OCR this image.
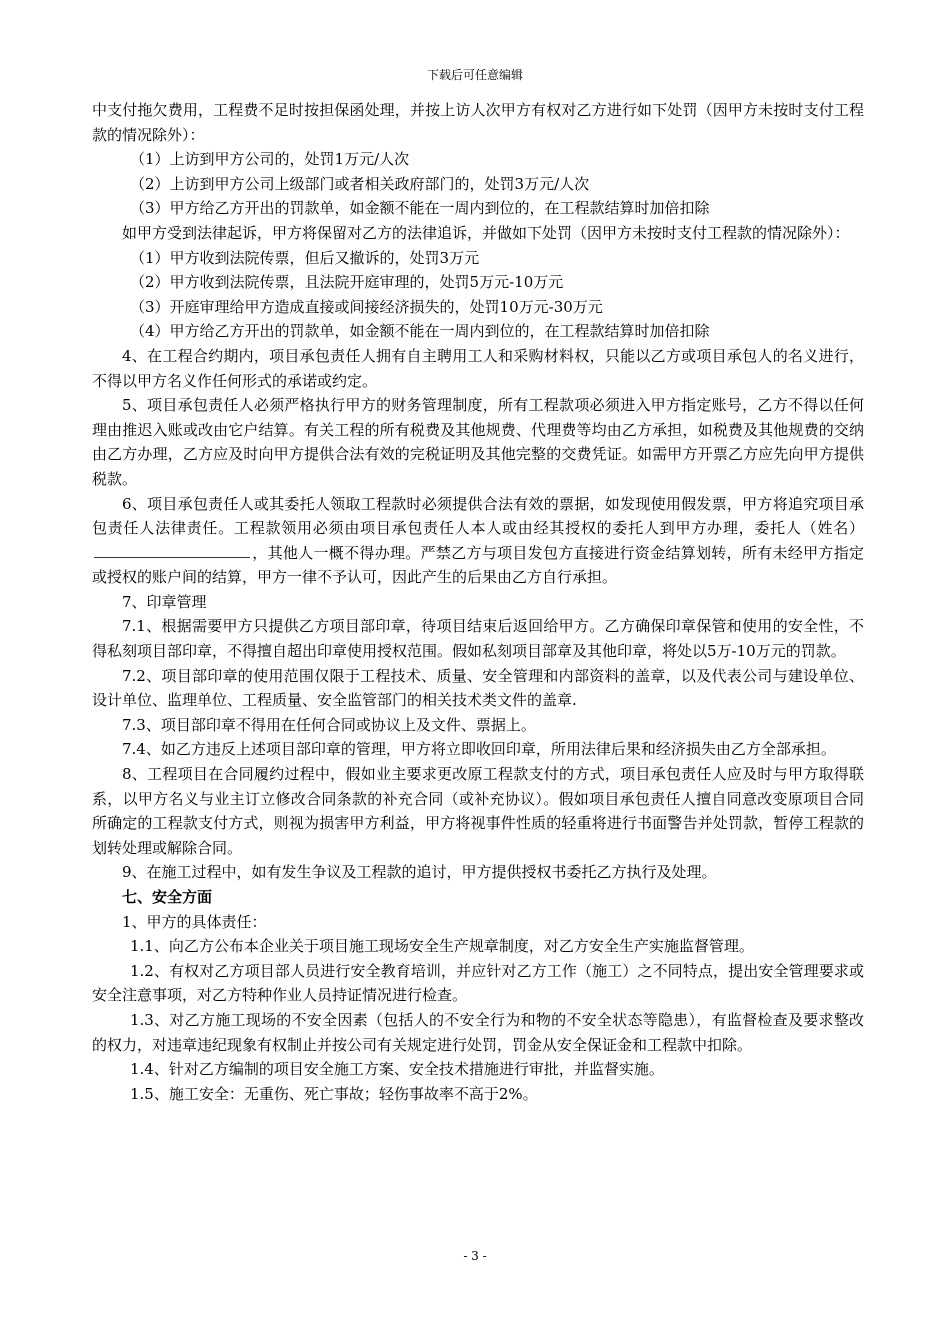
下载后可任意编辑

中支付拖欠费用，工程费不足时按担保函处理，并按上访人次甲方有权对乙方进行如下处罚（因甲方未按时支付工程款的情况除外）：

（1）上访到甲方公司的，处罚1万元/人次

（2）上访到甲方公司上级部门或者相关政府部门的，处罚3万元/人次

（3）甲方给乙方开出的罚款单，如金额不能在一周内到位的，在工程款结算时加倍扣除

如甲方受到法律起诉，甲方将保留对乙方的法律追诉，并做如下处罚（因甲方未按时支付工程款的情况除外）：

（1）甲方收到法院传票，但后又撤诉的，处罚3万元

（2）甲方收到法院传票，且法院开庭审理的，处罚5万元-10万元

（3）开庭审理给甲方造成直接或间接经济损失的，处罚10万元-30万元

（4）甲方给乙方开出的罚款单，如金额不能在一周内到位的，在工程款结算时加倍扣除

4、在工程合约期内，项目承包责任人拥有自主聘用工人和采购材料权，只能以乙方或项目承包人的名义进行，不得以甲方名义作任何形式的承诺或约定。

5、项目承包责任人必须严格执行甲方的财务管理制度，所有工程款项必须进入甲方指定账号，乙方不得以任何理由推迟入账或改由它户结算。有关工程的所有税费及其他规费、代理费等均由乙方承担，如税费及其他规费的交纳由乙方办理，乙方应及时向甲方提供合法有效的完税证明及其他完整的交费凭证。如需甲方开票乙方应先向甲方提供税款。

6、项目承包责任人或其委托人领取工程款时必须提供合法有效的票据，如发现使用假发票，甲方将追究项目承包责任人法律责任。工程款领用必须由项目承包责任人本人或由经其授权的委托人到甲方办理，委托人（姓名），其他人一概不得办理。严禁乙方与项目发包方直接进行资金结算划转，所有未经甲方指定或授权的账户间的结算，甲方一律不予认可，因此产生的后果由乙方自行承担。

7、印章管理

7.1、根据需要甲方只提供乙方项目部印章，待项目结束后返回给甲方。乙方确保印章保管和使用的安全性，不得私刻项目部印章，不得擅自超出印章使用授权范围。假如私刻项目部章及其他印章，将处以5万-10万元的罚款。

7.2、项目部印章的使用范围仅限于工程技术、质量、安全管理和内部资料的盖章，以及代表公司与建设单位、设计单位、监理单位、工程质量、安全监管部门的相关技术类文件的盖章.

7.3、项目部印章不得用在任何合同或协议上及文件、票据上。

7.4、如乙方违反上述项目部印章的管理，甲方将立即收回印章，所用法律后果和经济损失由乙方全部承担。

8、工程项目在合同履约过程中，假如业主要求更改原工程款支付的方式，项目承包责任人应及时与甲方取得联系，以甲方名义与业主订立修改合同条款的补充合同（或补充协议）。假如项目承包责任人擅自同意改变原项目合同所确定的工程款支付方式，则视为损害甲方利益，甲方将视事件性质的轻重将进行书面警告并处罚款，暂停工程款的划转处理或解除合同。

9、在施工过程中，如有发生争议及工程款的追讨，甲方提供授权书委托乙方执行及处理。

七、安全方面

1、甲方的具体责任：

1.1、向乙方公布本企业关于项目施工现场安全生产规章制度，对乙方安全生产实施监督管理。

1.2、有权对乙方项目部人员进行安全教育培训，并应针对乙方工作（施工）之不同特点，提出安全管理要求或安全注意事项，对乙方特种作业人员持证情况进行检查。

1.3、对乙方施工现场的不安全因素（包括人的不安全行为和物的不安全状态等隐患），有监督检查及要求整改的权力，对违章违纪现象有权制止并按公司有关规定进行处罚，罚金从安全保证金和工程款中扣除。

1.4、针对乙方编制的项目安全施工方案、安全技术措施进行审批，并监督实施。

1.5、施工安全：无重伤、死亡事故；轻伤事故率不高于2%。

- 3 -
